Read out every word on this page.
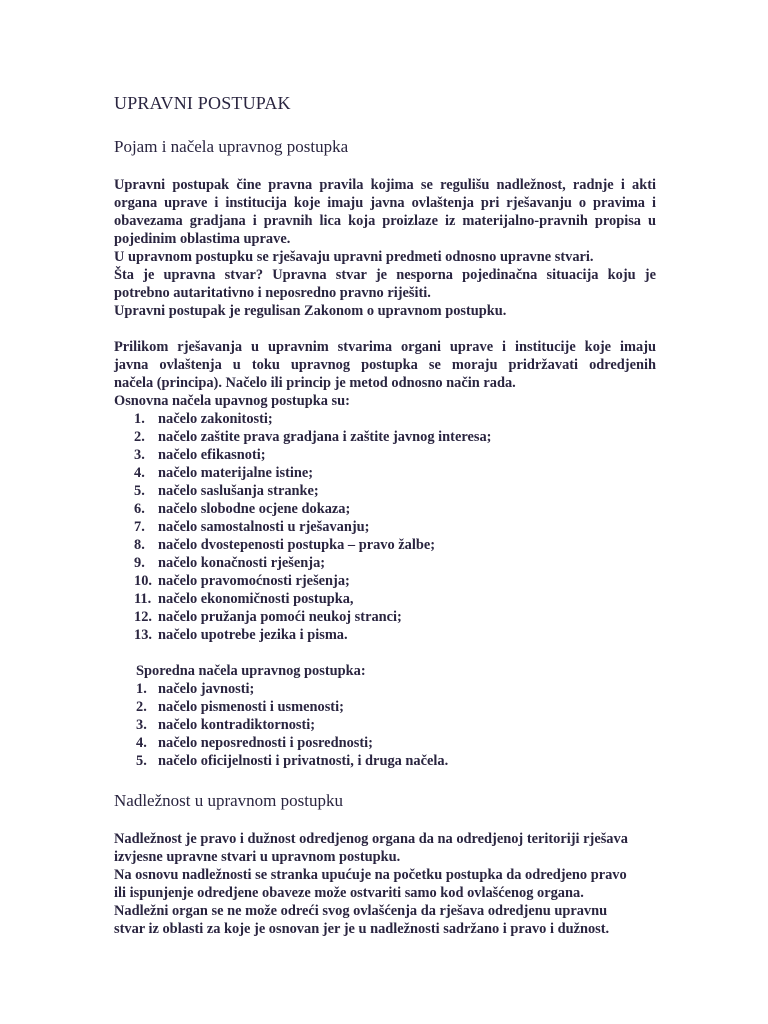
UPRAVNI POSTUPAK
Pojam i načela upravnog postupka

Upravni postupak čine pravna pravila kojima se regulišu nadležnost, radnje i akti

organa uprave i institucija koje imaju javna ovlaštenja pri rješavanju o pravima i

obavezama gradjana i pravnih lica koja proizlaze iz materijalno-pravnih propisa u

pojedinim oblastima uprave.

U upravnom postupku se rješavaju upravni predmeti odnosno upravne stvari.

Šta je upravna stvar? Upravna stvar je nesporna pojedinačna situacija koju je

potrebno autaritativno i neposredno pravno riješiti.

Upravni postupak je regulisan Zakonom o upravnom postupku.

Prilikom rješavanja u upravnim stvarima organi uprave i institucije koje imaju

javna ovlaštenja u toku upravnog postupka se moraju pridržavati odredjenih

načela (principa). Načelo ili princip je metod odnosno način rada.

Osnovna načela upavnog postupka su:

1. načelo zakonitosti;
2. načelo zaštite prava gradjana i zaštite javnog interesa;
3. načelo efikasnoti;
4. načelo materijalne istine;
5. načelo saslušanja stranke;
6. načelo slobodne ocjene dokaza;
7. načelo samostalnosti u rješavanju;
8. načelo dvostepenosti postupka – pravo žalbe;
9. načelo konačnosti rješenja;
10. načelo pravomoćnosti rješenja;
11. načelo ekonomičnosti postupka,
12. načelo pružanja pomoći neukoj stranci;
13. načelo upotrebe jezika i pisma.

Sporedna načela upravnog postupka:

1. načelo javnosti;
2. načelo pismenosti i usmenosti;
3. načelo kontradiktornosti;
4. načelo neposrednosti i posrednosti;
5. načelo oficijelnosti i privatnosti, i druga načela.
Nadležnost u upravnom postupku

Nadležnost je pravo i dužnost odredjenog organa da na odredjenoj teritoriji rješava

izvjesne upravne stvari u upravnom postupku.

Na osnovu nadležnosti se stranka upućuje na početku postupka da odredjeno pravo

ili ispunjenje odredjene obaveze može ostvariti samo kod ovlašćenog organa.

Nadležni organ se ne može odreći svog ovlašćenja da rješava odredjenu upravnu

stvar iz oblasti za koje je osnovan jer je u nadležnosti sadržano i pravo i dužnost.
